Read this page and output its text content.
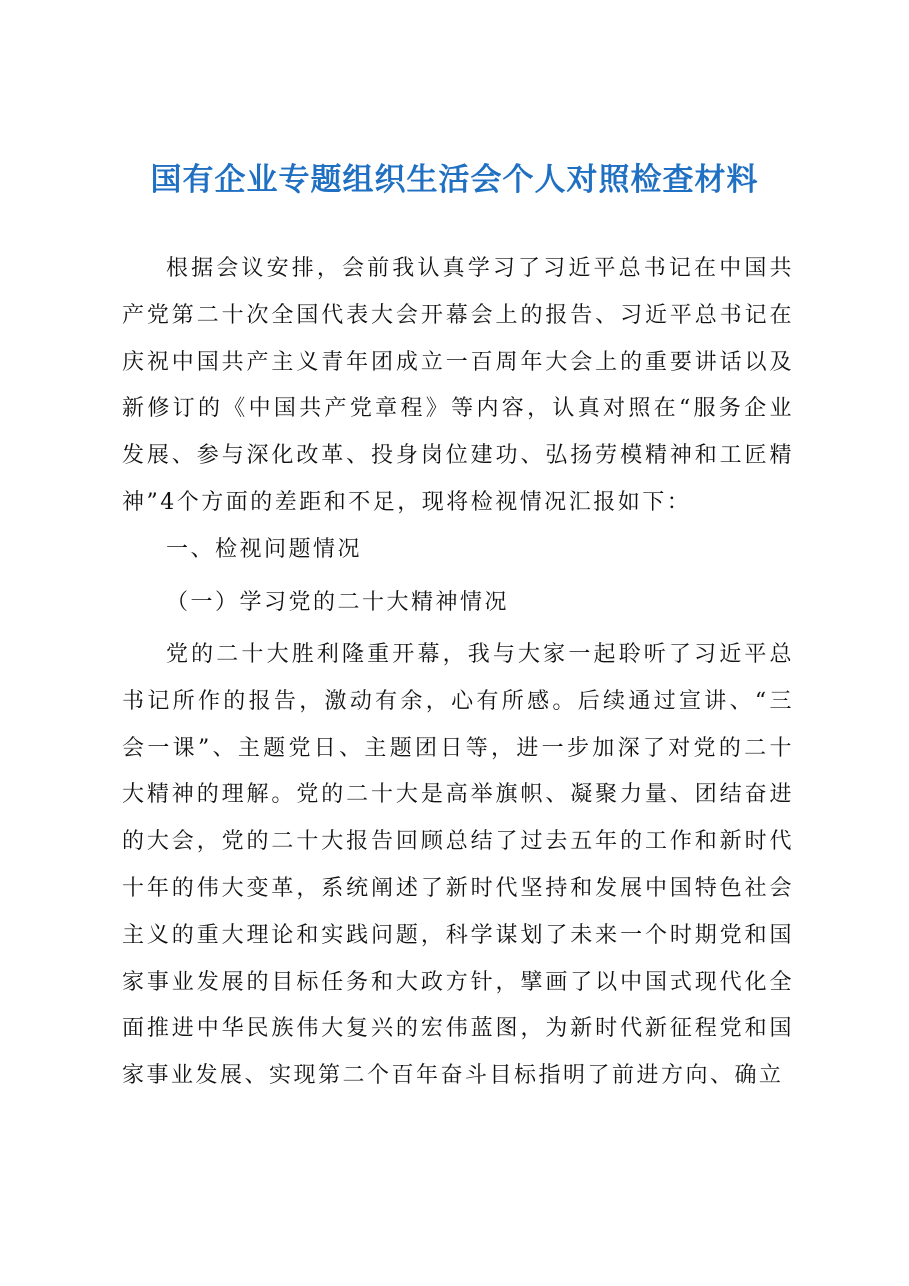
国有企业专题组织生活会个人对照检查材料

根据会议安排，会前我认真学习了习近平总书记在中国共产党第二十次全国代表大会开幕会上的报告、习近平总书记在庆祝中国共产主义青年团成立一百周年大会上的重要讲话以及新修订的《中国共产党章程》等内容，认真对照在“服务企业发展、参与深化改革、投身岗位建功、弘扬劳模精神和工匠精神”4个方面的差距和不足，现将检视情况汇报如下：

一、检视问题情况

（一）学习党的二十大精神情况

党的二十大胜利隆重开幕，我与大家一起聆听了习近平总书记所作的报告，激动有余，心有所感。后续通过宣讲、“三会一课”、主题党日、主题团日等，进一步加深了对党的二十大精神的理解。党的二十大是高举旗帜、凝聚力量、团结奋进的大会，党的二十大报告回顾总结了过去五年的工作和新时代十年的伟大变革，系统阐述了新时代坚持和发展中国特色社会主义的重大理论和实践问题，科学谋划了未来一个时期党和国家事业发展的目标任务和大政方针，擘画了以中国式现代化全面推进中华民族伟大复兴的宏伟蓝图，为新时代新征程党和国家事业发展、实现第二个百年奋斗目标指明了前进方向、确立
